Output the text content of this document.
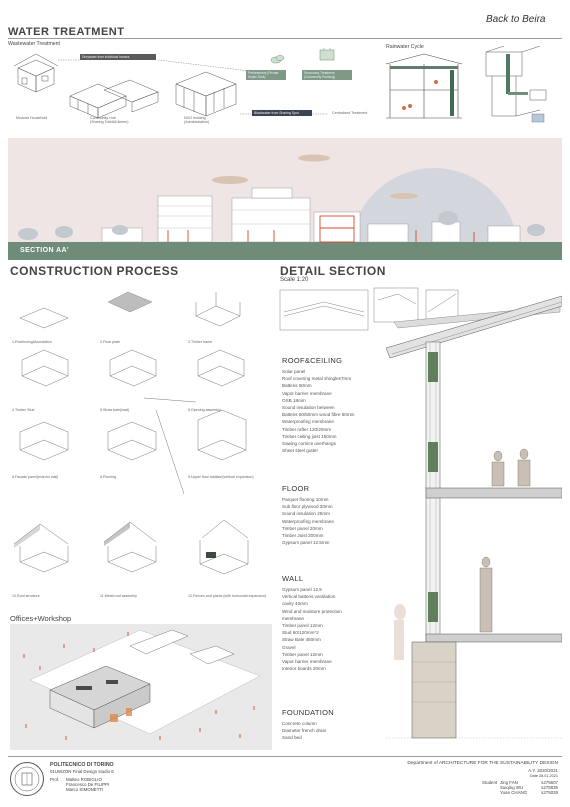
WATER TREATMENT
Wastewater Treatment
Back to Beira
Modular Household	Community Hub (Sharing Toilet&Kitchen)
NGO building (Administration)
Greywater from individual houses
Pretreatment (Private Septic Tank)
Secondary Treatment (Community Farming)
Blackwater from Sharing Spot	Centralized Treatment
Rainwater Cycle
SECTION AA'
CONSTRUCTION PROCESS
1.Positioning&foundation	2.Floor plate	3.Timber frame
4.Timber Stud	5.Straw bale(load)	6.Opening assembly
8.Facade panel(exterior wall)	8.Flooring	9.Upper floor addition(vertical expansion)
10.Roof structure	11.Metal roof assembly	12.Fences and plants (with horizontal expansion)
Offices+Workshop
DETAIL SECTION
Scale 1:20
ROOF&CEILING
Solar panel
Roof covering metal shingles7mm
Battens 50mm
Vapor barrier membrane
OSB 18mm
Sound insulation between
Battens 50/50mm wood fibre 50mm
Waterproofing membrane
Timber rafter 120/20mm
Timber ceiling joist 150mm
Sawing cornice overhangs
Sheet steel gutter
FLOOR
Parquet flooring 10mm
Sub floor plywood 30mm
Sound insulation 25mm
Waterproofing membrane
Timber panel 20mm
Timber Joist 200mm
Gypsum panel 12.5mm
WALL
Gypsum panel 12.5
Vertical battens ventilation
cavity 40mm
Wind and moisture protection
membrane
Timber panel 12mm
Stud 60/120mm*2
Straw Bale 450mm
Gravel
Timber panel 12mm
Vapor barrier membrane
Interior boards 20mm
FOUNDATION
Concrete column
Diameter french drain
Sand bed
POLITECNICO DI TORINO
01UWZON Final Design studio E
Prof. Matteo ROBIGLIO
Francesco De FILIPPI
Marco SIMONETTI
Department of ARCHITECTURE FOR THE SUSTAINABILITY DESIGN
A.Y. 2020/2021
Date 28.01.2021
Student Jing FAN	s275607
Suiqing WU	s275935
Yuan CHANG	s275028
